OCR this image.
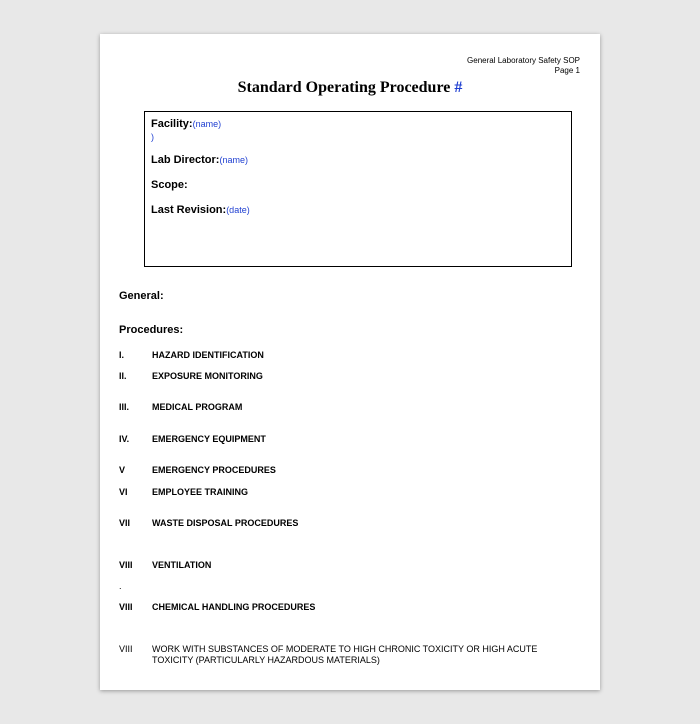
General Laboratory Safety SOP
Page 1
Standard Operating Procedure #
Facility:(name)
)
Lab Director:(name)
Scope:
Last Revision:(date)
General:
Procedures:
I.	HAZARD IDENTIFICATION
II.	EXPOSURE MONITORING
III.	MEDICAL PROGRAM
IV.	EMERGENCY EQUIPMENT
V	EMERGENCY PROCEDURES
VI	EMPLOYEE TRAINING
VII WASTE DISPOSAL PROCEDURES
VIII VENTILATION
.
VIII CHEMICAL HANDLING PROCEDURES
VIII WORK WITH SUBSTANCES OF MODERATE TO HIGH CHRONIC TOXICITY OR HIGH ACUTE TOXICITY (PARTICULARLY HAZARDOUS MATERIALS)
